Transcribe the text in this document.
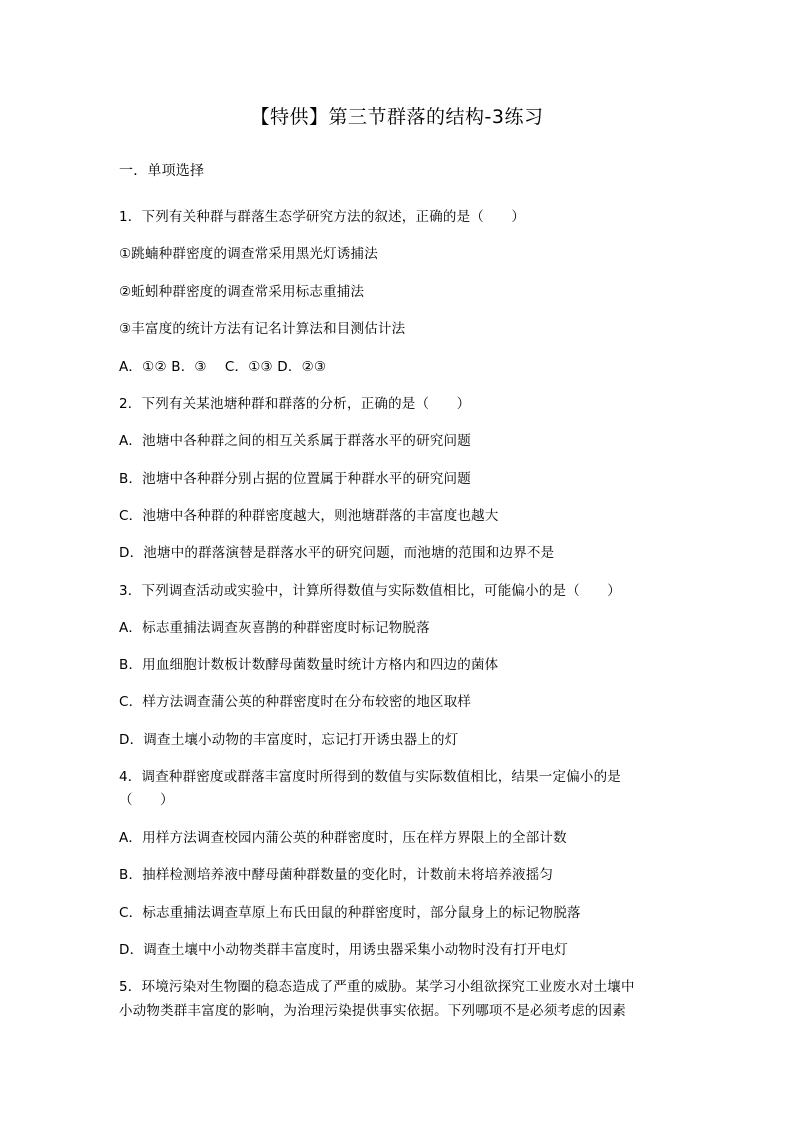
【特供】第三节群落的结构-3练习
一．单项选择
1．下列有关种群与群落生态学研究方法的叙述，正确的是（　　）
①跳蝻种群密度的调查常采用黑光灯诱捕法
②蚯蚓种群密度的调查常采用标志重捕法
③丰富度的统计方法有记名计算法和目测估计法
A．①② B．③　 C．①③ D．②③
2．下列有关某池塘种群和群落的分析，正确的是（　　）
A．池塘中各种群之间的相互关系属于群落水平的研究问题
B．池塘中各种群分别占据的位置属于种群水平的研究问题
C．池塘中各种群的种群密度越大，则池塘群落的丰富度也越大
D．池塘中的群落演替是群落水平的研究问题，而池塘的范围和边界不是
3．下列调查活动或实验中，计算所得数值与实际数值相比，可能偏小的是（　　）
A．标志重捕法调查灰喜鹊的种群密度时标记物脱落
B．用血细胞计数板计数酵母菌数量时统计方格内和四边的菌体
C．样方法调查蒲公英的种群密度时在分布较密的地区取样
D．调查土壤小动物的丰富度时，忘记打开诱虫器上的灯
4．调查种群密度或群落丰富度时所得到的数值与实际数值相比，结果一定偏小的是
（　　）
A．用样方法调查校园内蒲公英的种群密度时，压在样方界限上的全部计数
B．抽样检测培养液中酵母菌种群数量的变化时，计数前未将培养液摇匀
C．标志重捕法调查草原上布氏田鼠的种群密度时，部分鼠身上的标记物脱落
D．调查土壤中小动物类群丰富度时，用诱虫器采集小动物时没有打开电灯
5．环境污染对生物圈的稳态造成了严重的威胁。某学习小组欲探究工业废水对土壤中
小动物类群丰富度的影响，为治理污染提供事实依据。下列哪项不是必须考虑的因素
